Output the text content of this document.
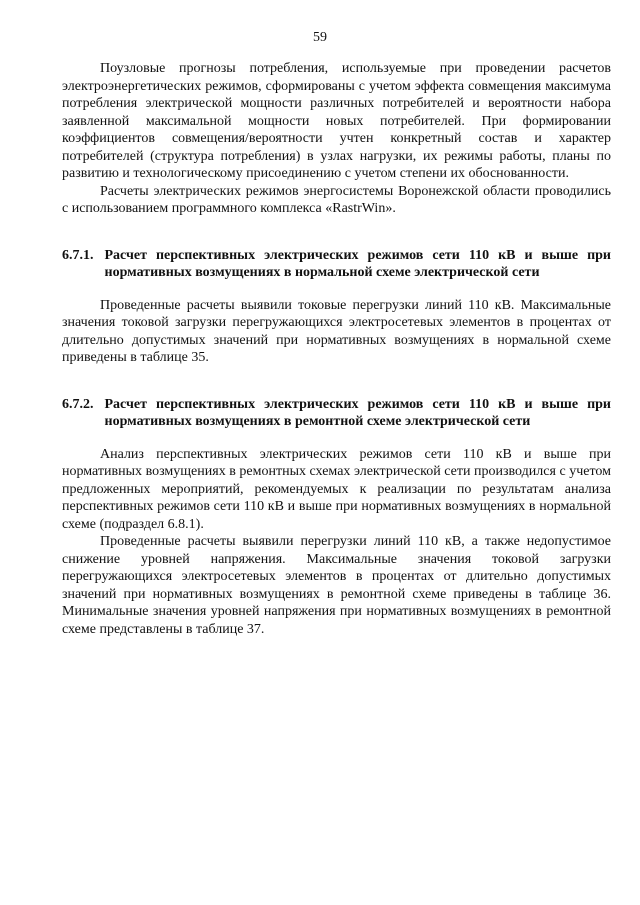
59

Поузловые прогнозы потребления, используемые при проведении расчетов электроэнергетических режимов, сформированы с учетом эффекта совмещения максимума потребления электрической мощности различных потребителей и вероятности набора заявленной максимальной мощности новых потребителей. При формировании коэффициентов совмещения/вероятности учтен конкретный состав и характер потребителей (структура потребления) в узлах нагрузки, их режимы работы, планы по развитию и технологическому присоединению с учетом степени их обоснованности.

Расчеты электрических режимов энергосистемы Воронежской области проводились с использованием программного комплекса «RastrWin».

6.7.1. Расчет перспективных электрических режимов сети 110 кВ и выше при нормативных возмущениях в нормальной схеме электрической сети

Проведенные расчеты выявили токовые перегрузки линий 110 кВ. Максимальные значения токовой загрузки перегружающихся электросетевых элементов в процентах от длительно допустимых значений при нормативных возмущениях в нормальной схеме приведены в таблице 35.

6.7.2. Расчет перспективных электрических режимов сети 110 кВ и выше при нормативных возмущениях в ремонтной схеме электрической сети

Анализ перспективных электрических режимов сети 110 кВ и выше при нормативных возмущениях в ремонтных схемах электрической сети производился с учетом предложенных мероприятий, рекомендуемых к реализации по результатам анализа перспективных режимов сети 110 кВ и выше при нормативных возмущениях в нормальной схеме (подраздел 6.8.1).

Проведенные расчеты выявили перегрузки линий 110 кВ, а также недопустимое снижение уровней напряжения. Максимальные значения токовой загрузки перегружающихся электросетевых элементов в процентах от длительно допустимых значений при нормативных возмущениях в ремонтной схеме приведены в таблице 36. Минимальные значения уровней напряжения при нормативных возмущениях в ремонтной схеме представлены в таблице 37.
